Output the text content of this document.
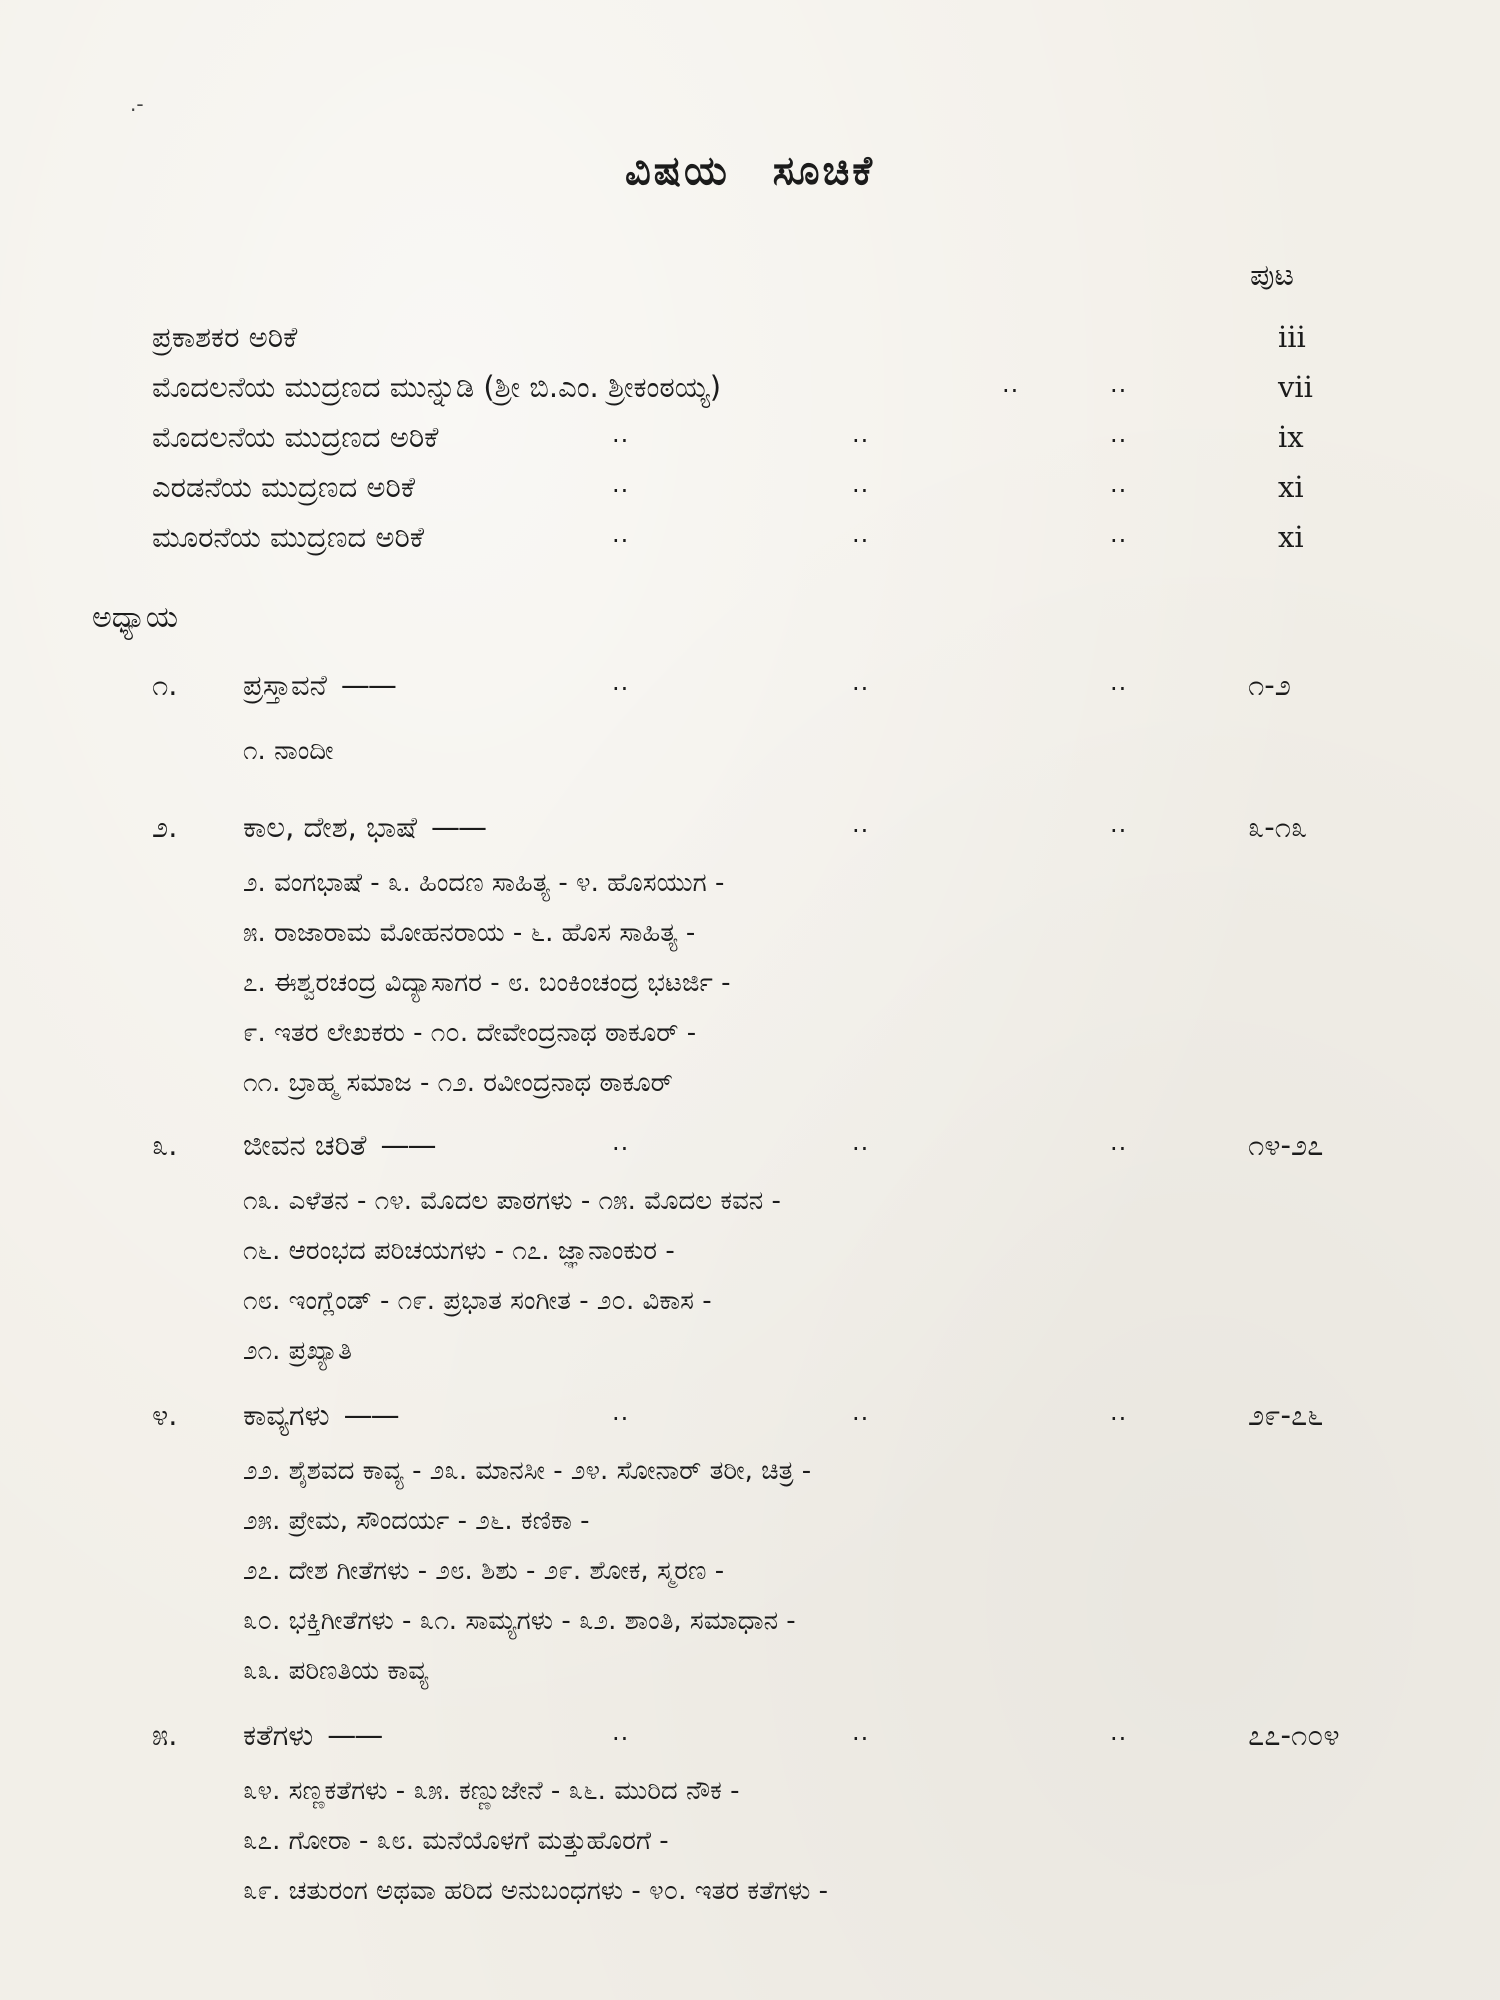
.-
ವಿಷಯ ಸೂಚಿಕೆ
ಪುಟ
ಪ್ರಕಾಶಕರ ಅರಿಕೆ	iii
ಮೊದಲನೆಯ ಮುದ್ರಣದ ಮುನ್ನುಡಿ (ಶ್ರೀ ಬಿ.ಎಂ. ಶ್ರೀಕಂಠಯ್ಯ)	..	..	vii
ಮೊದಲನೆಯ ಮುದ್ರಣದ ಅರಿಕೆ	..	..	..	ix
ಎರಡನೆಯ ಮುದ್ರಣದ ಅರಿಕೆ	..	..	..	xi
ಮೂರನೆಯ ಮುದ್ರಣದ ಅರಿಕೆ	..	..	..	xi
ಅಧ್ಯಾಯ
೧. ಪ್ರಸ್ತಾವನೆ ——	..	..	..	೧-೨
೧. ನಾಂದೀ
೨. ಕಾಲ, ದೇಶ, ಭಾಷೆ ——	..	..	೩-೧೩
೨. ವಂಗಭಾಷೆ - ೩. ಹಿಂದಣ ಸಾಹಿತ್ಯ - ೪. ಹೊಸಯುಗ -
೫. ರಾಜಾರಾಮ ಮೋಹನರಾಯ - ೬. ಹೊಸ ಸಾಹಿತ್ಯ -
೭. ಈಶ್ವರಚಂದ್ರ ವಿದ್ಯಾಸಾಗರ - ೮. ಬಂಕಿಂಚಂದ್ರ ಭಟರ್ಜಿ -
೯. ಇತರ ಲೇಖಕರು - ೧೦. ದೇವೇಂದ್ರನಾಥ ಠಾಕೂರ್ -
೧೧. ಬ್ರಾಹ್ಮ ಸಮಾಜ - ೧೨. ರವೀಂದ್ರನಾಥ ಠಾಕೂರ್
೩. ಜೀವನ ಚರಿತೆ ——	..	..	..	೧೪-೨೭
೧೩. ಎಳೆತನ - ೧೪. ಮೊದಲ ಪಾಠಗಳು - ೧೫. ಮೊದಲ ಕವನ -
೧೬. ಆರಂಭದ ಪರಿಚಯಗಳು - ೧೭. ಜ್ಞಾನಾಂಕುರ -
೧೮. ಇಂಗ್ಲೆಂಡ್ - ೧೯. ಪ್ರಭಾತ ಸಂಗೀತ - ೨೦. ವಿಕಾಸ -
೨೧. ಪ್ರಖ್ಯಾತಿ
೪. ಕಾವ್ಯಗಳು ——	..	..	..	೨೯-೭೬
೨೨. ಶೈಶವದ ಕಾವ್ಯ - ೨೩. ಮಾನಸೀ - ೨೪. ಸೋನಾರ್ ತರೀ, ಚಿತ್ರ -
೨೫. ಪ್ರೇಮ, ಸೌಂದರ್ಯ - ೨೬. ಕಣಿಕಾ -
೨೭. ದೇಶ ಗೀತೆಗಳು - ೨೮. ಶಿಶು - ೨೯. ಶೋಕ, ಸ್ಮರಣ -
೩೦. ಭಕ್ತಿಗೀತೆಗಳು - ೩೧. ಸಾಮ್ಯಗಳು - ೩೨. ಶಾಂತಿ, ಸಮಾಧಾನ -
೩೩. ಪರಿಣತಿಯ ಕಾವ್ಯ
೫. ಕತೆಗಳು ——	..	..	..	೭೭-೧೦೪
೩೪. ಸಣ್ಣಕತೆಗಳು - ೩೫. ಕಣ್ಣುಜೇನೆ - ೩೬. ಮುರಿದ ನೌಕ -
೩೭. ಗೋರಾ - ೩೮. ಮನೆಯೊಳಗೆ ಮತ್ತುಹೊರಗೆ -
೩೯. ಚತುರಂಗ ಅಥವಾ ಹರಿದ ಅನುಬಂಧಗಳು - ೪೦. ಇತರ ಕತೆಗಳು -
